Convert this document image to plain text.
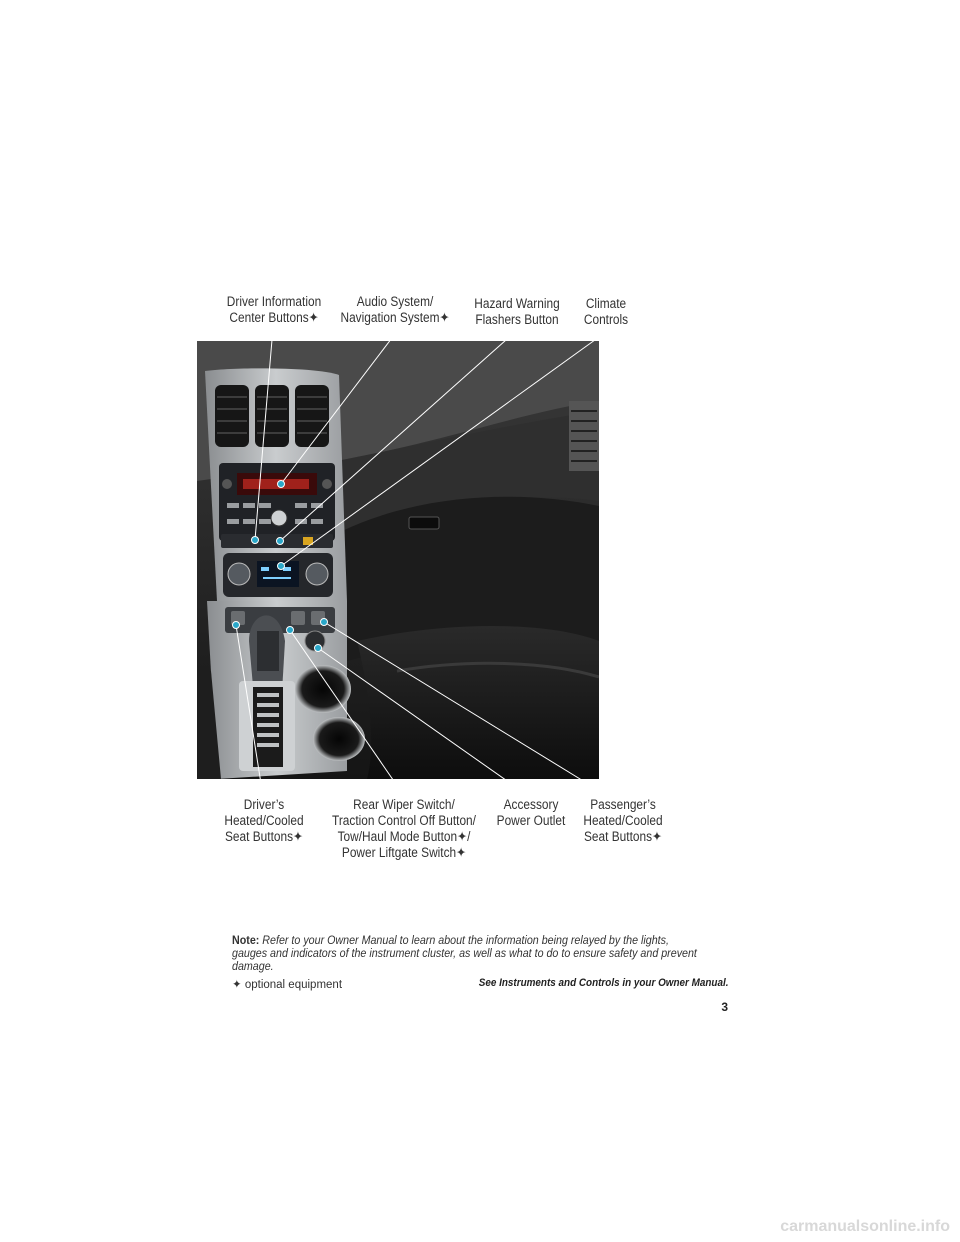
Driver Information
Center Buttons✦
Audio System/
Navigation System✦
Hazard Warning
Flashers Button
Climate
Controls
Driver’s
Heated/Cooled
Seat Buttons✦
Rear Wiper Switch/
Traction Control Off Button/
Tow/Haul Mode Button✦/
Power Liftgate Switch✦
Accessory
Power Outlet
Passenger’s
Heated/Cooled
Seat Buttons✦
Note: Refer to your Owner Manual to learn about the information being relayed by the lights, gauges and indicators of the instrument cluster, as well as what to do to ensure safety and prevent damage.
✦ optional equipment	See Instruments and Controls in your Owner Manual.
3
carmanualsonline.info
